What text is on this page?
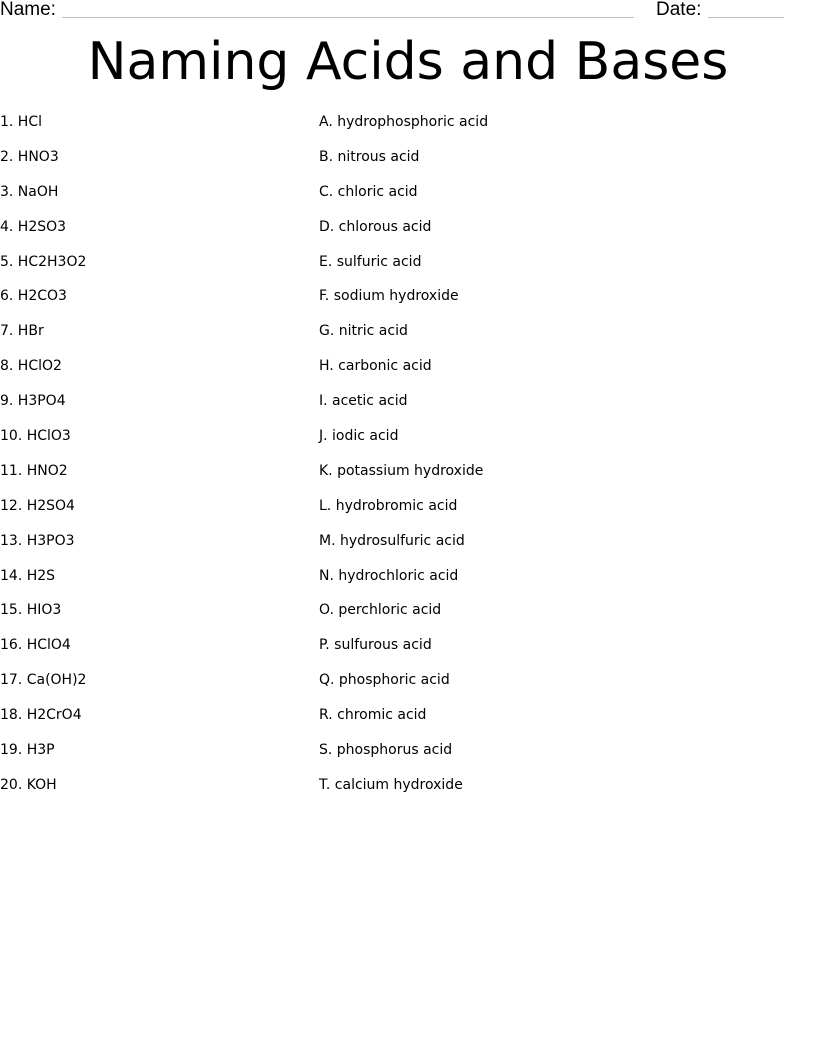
Name:	Date:
Naming Acids and Bases
1. HCl
2. HNO3
3. NaOH
4. H2SO3
5. HC2H3O2
6. H2CO3
7. HBr
8. HClO2
9. H3PO4
10. HClO3
11. HNO2
12. H2SO4
13. H3PO3
14. H2S
15. HIO3
16. HClO4
17. Ca(OH)2
18. H2CrO4
19. H3P
20. KOH
A. hydrophosphoric acid
B. nitrous acid
C. chloric acid
D. chlorous acid
E. sulfuric acid
F. sodium hydroxide
G. nitric acid
H. carbonic acid
I. acetic acid
J. iodic acid
K. potassium hydroxide
L. hydrobromic acid
M. hydrosulfuric acid
N. hydrochloric acid
O. perchloric acid
P. sulfurous acid
Q. phosphoric acid
R. chromic acid
S. phosphorus acid
T. calcium hydroxide
